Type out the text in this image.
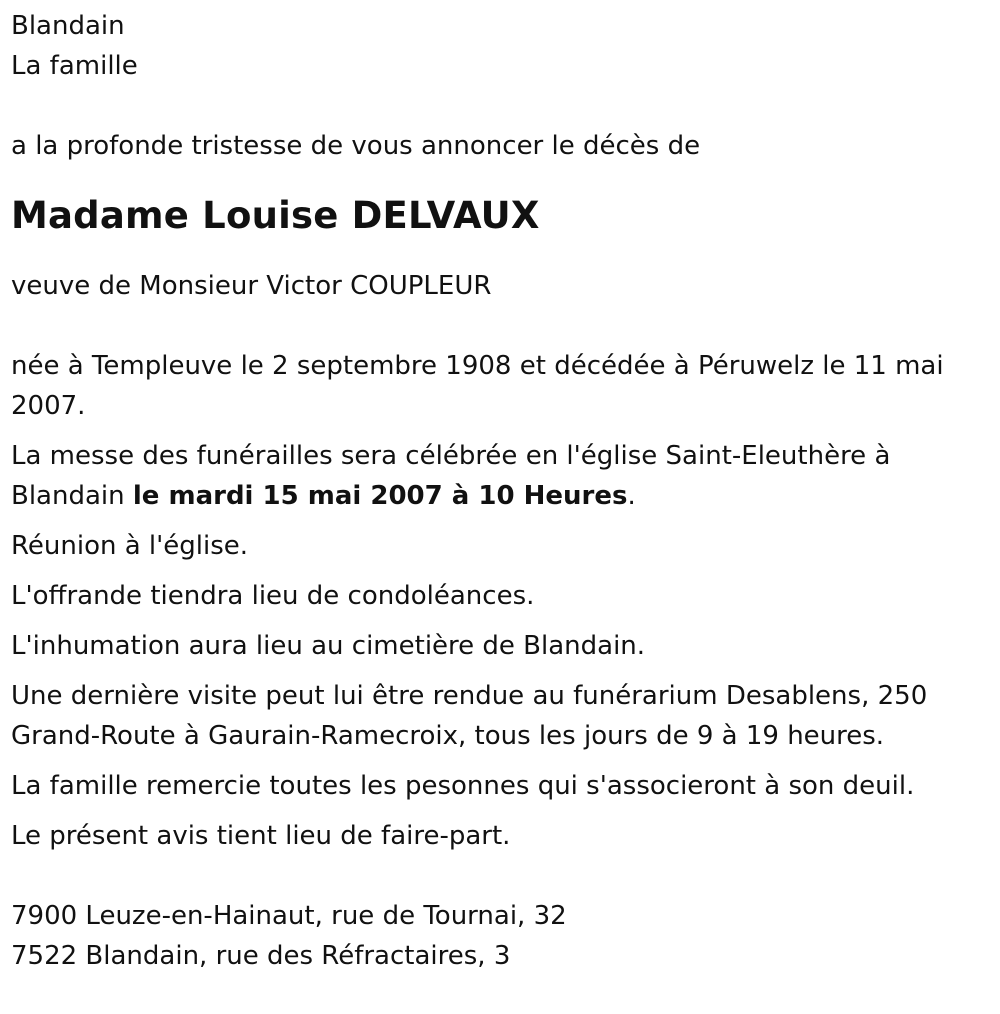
Blandain

La famille

a la profonde tristesse de vous annoncer le décès de

Madame Louise DELVAUX

veuve de Monsieur Victor COUPLEUR

née à Templeuve le 2 septembre 1908 et décédée à Péruwelz le 11 mai 2007.

La messe des funérailles sera célébrée en l'église Saint-Eleuthère à Blandain le mardi 15 mai 2007 à 10 Heures.

Réunion à l'église.

L'offrande tiendra lieu de condoléances.

L'inhumation aura lieu au cimetière de Blandain.

Une dernière visite peut lui être rendue au funérarium Desablens, 250 Grand-Route à Gaurain-Ramecroix, tous les jours de 9 à 19 heures.

La famille remercie toutes les pesonnes qui s'associeront à son deuil.

Le présent avis tient lieu de faire-part.

7900 Leuze-en-Hainaut, rue de Tournai, 32

7522 Blandain, rue des Réfractaires, 3
